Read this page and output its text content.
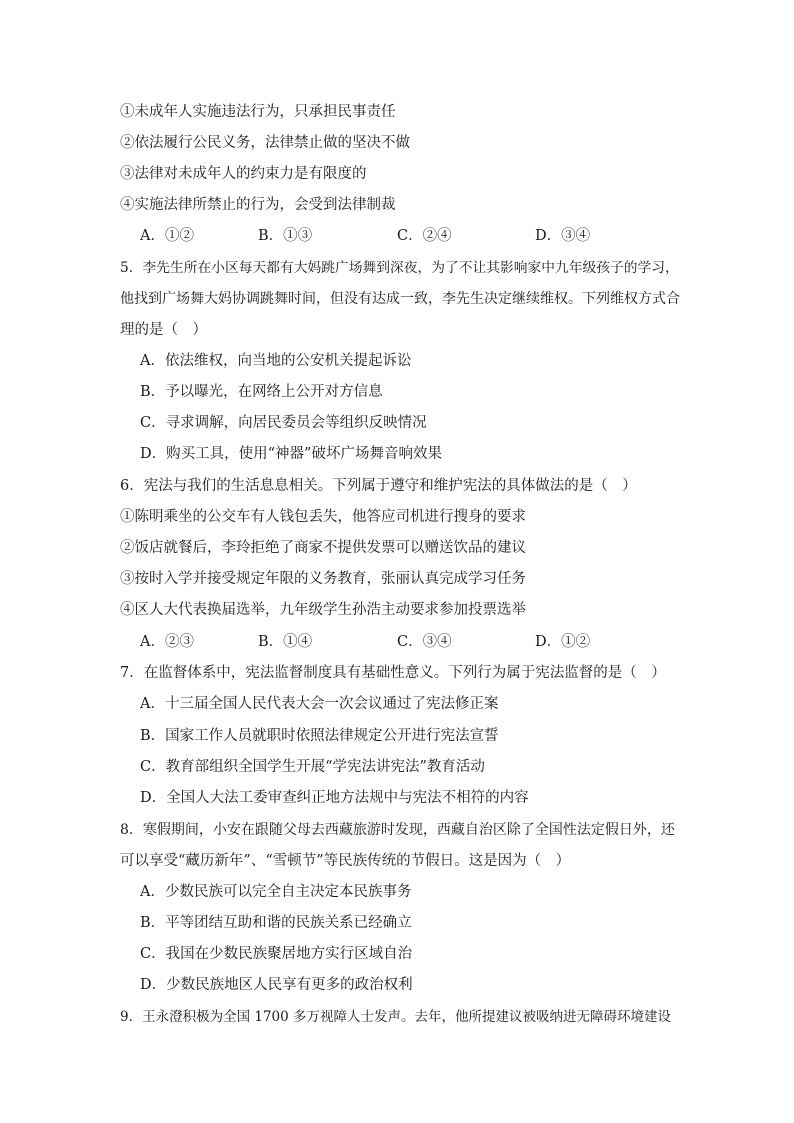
①未成年人实施违法行为，只承担民事责任
②依法履行公民义务，法律禁止做的坚决不做
③法律对未成年人的约束力是有限度的
④实施法律所禁止的行为，会受到法律制裁
A．①②	B．①③	C．②④	D．③④
5．李先生所在小区每天都有大妈跳广场舞到深夜，为了不让其影响家中九年级孩子的学习，
他找到广场舞大妈协调跳舞时间，但没有达成一致，李先生决定继续维权。下列维权方式合
理的是（　）
A．依法维权，向当地的公安机关提起诉讼
B．予以曝光，在网络上公开对方信息
C．寻求调解，向居民委员会等组织反映情况
D．购买工具，使用“神器”破坏广场舞音响效果
6．宪法与我们的生活息息相关。下列属于遵守和维护宪法的具体做法的是（　）
①陈明乘坐的公交车有人钱包丢失，他答应司机进行搜身的要求
②饭店就餐后，李玲拒绝了商家不提供发票可以赠送饮品的建议
③按时入学并接受规定年限的义务教育，张丽认真完成学习任务
④区人大代表换届选举，九年级学生孙浩主动要求参加投票选举
A．②③	B．①④	C．③④	D．①②
7．在监督体系中，宪法监督制度具有基础性意义。下列行为属于宪法监督的是（　）
A．十三届全国人民代表大会一次会议通过了宪法修正案
B．国家工作人员就职时依照法律规定公开进行宪法宣誓
C．教育部组织全国学生开展“学宪法讲宪法”教育活动
D．全国人大法工委审查纠正地方法规中与宪法不相符的内容
8．寒假期间，小安在跟随父母去西藏旅游时发现，西藏自治区除了全国性法定假日外，还
可以享受“藏历新年”、“雪顿节”等民族传统的节假日。这是因为（　）
A．少数民族可以完全自主决定本民族事务
B．平等团结互助和谐的民族关系已经确立
C．我国在少数民族聚居地方实行区域自治
D．少数民族地区人民享有更多的政治权利
9．王永澄积极为全国 1700 多万视障人士发声。去年，他所提建议被吸纳进无障碍环境建设
